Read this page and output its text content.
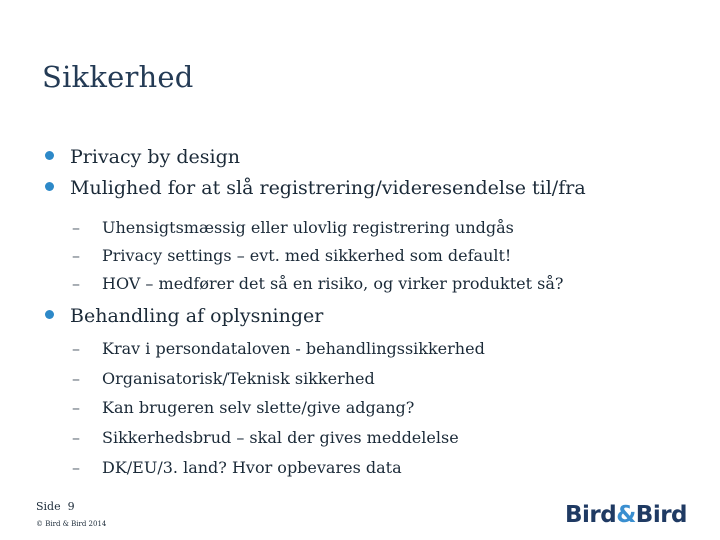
Sikkerhed
Privacy by design
Mulighed for at slå registrering/videresendelse til/fra
– Uhensigtsmæssig eller ulovlig registrering undgås
– Privacy settings – evt. med sikkerhed som default!
– HOV – medfører det så en risiko, og virker produktet så?
Behandling af oplysninger
– Krav i persondataloven - behandlingssikkerhed
– Organisatorisk/Teknisk sikkerhed
– Kan brugeren selv slette/give adgang?
– Sikkerhedsbrud – skal der gives meddelelse
– DK/EU/3. land? Hvor opbevares data
Side 9
© Bird & Bird 2014	Bird&Bird
